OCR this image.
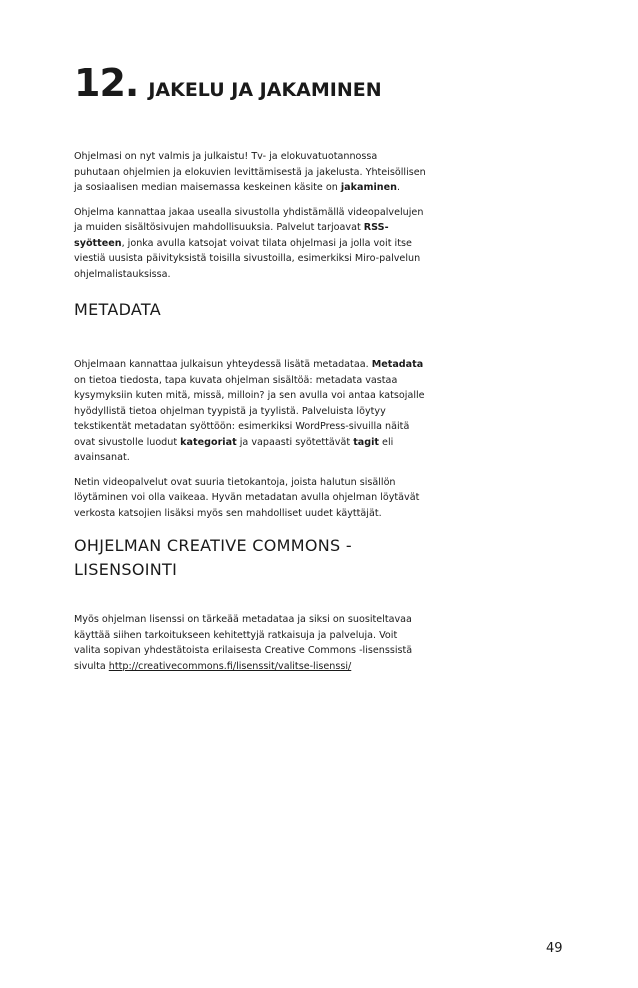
12. JAKELU JA JAKAMINEN

Ohjelmasi on nyt valmis ja julkaistu! Tv- ja elokuvatuotannossa puhutaan ohjelmien ja elokuvien levittämisestä ja jakelusta. Yhteisöllisen ja sosiaalisen median maisemassa keskeinen käsite on jakaminen.

Ohjelma kannattaa jakaa usealla sivustolla yhdistämällä videopalvelujen ja muiden sisältösivujen mahdollisuuksia. Palvelut tarjoavat RSS-syötteen, jonka avulla katsojat voivat tilata ohjelmasi ja jolla voit itse viestiä uusista päivityksistä toisilla sivustoilla, esimerkiksi Miro-palvelun ohjelmalistauksissa.

METADATA

Ohjelmaan kannattaa julkaisun yhteydessä lisätä metadataa. Metadata on tietoa tiedosta, tapa kuvata ohjelman sisältöä: metadata vastaa kysymyksiin kuten mitä, missä, milloin? ja sen avulla voi antaa katsojalle hyödyllistä tietoa ohjelman tyypistä ja tyylistä. Palveluista löytyy tekstikentät metadatan syöttöön: esimerkiksi WordPress-sivuilla näitä ovat sivustolle luodut kategoriat ja vapaasti syötettävät tagit eli avainsanat.

Netin videopalvelut ovat suuria tietokantoja, joista halutun sisällön löytäminen voi olla vaikeaa. Hyvän metadatan avulla ohjelman löytävät verkosta katsojien lisäksi myös sen mahdolliset uudet käyttäjät.

OHJELMAN CREATIVE COMMONS -
LISENSOINTI

Myös ohjelman lisenssi on tärkeää metadataa ja siksi on suositeltavaa käyttää siihen tarkoitukseen kehitettyjä ratkaisuja ja palveluja. Voit valita sopivan yhdestätoista erilaisesta Creative Commons -lisenssistä sivulta http://creativecommons.fi/lisenssit/valitse-lisenssi/

49
